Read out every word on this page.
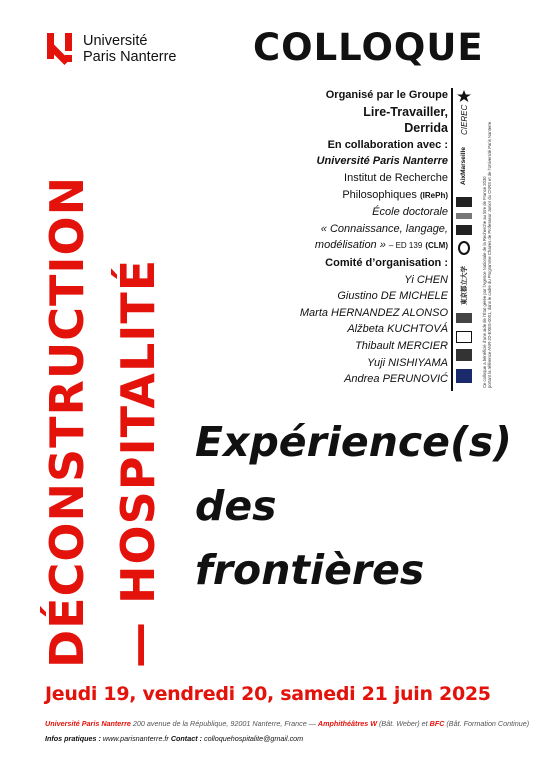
Université
Paris Nanterre COLLOQUE
DÉCONSTRUCTION — HOSPITALITÉ
Organisé par le Groupe
Lire-Travailler,
Derrida
En collaboration avec :
Université Paris Nanterre
Institut de Recherche
Philosophiques (IRePh)
École doctorale
« Connaissance, langage,
modélisation » – ED 139 (CLM)
Comité d’organisation :
Yi CHEN
Giustino DE MICHELE
Marta HERNANDEZ ALONSO
Alžbeta KUCHTOVÁ
Thibault MERCIER
Yuji NISHIYAMA
Andrea PERUNOVIĆ
CIEREC
AixMarseille
東京都立大学	Ce colloque a bénéficié d’une aide de l’État gérée par l’Agence Nationale de la Recherche au titre de France 2030 portant la référence ANR-22-EXES-0001, dans le cadre du Programme Chaires de Professeur Junior du CNRS et de l’Université Paris Nanterre.
Expérience(s)
des
frontières
Jeudi 19, vendredi 20, samedi 21 juin 2025
Université Paris Nanterre 200 avenue de la République, 92001 Nanterre, France — Amphithéâtres W (Bât. Weber) et BFC (Bât. Formation Continue)
Infos pratiques : www.parisnanterre.fr Contact : colloquehospitalite@gmail.com
